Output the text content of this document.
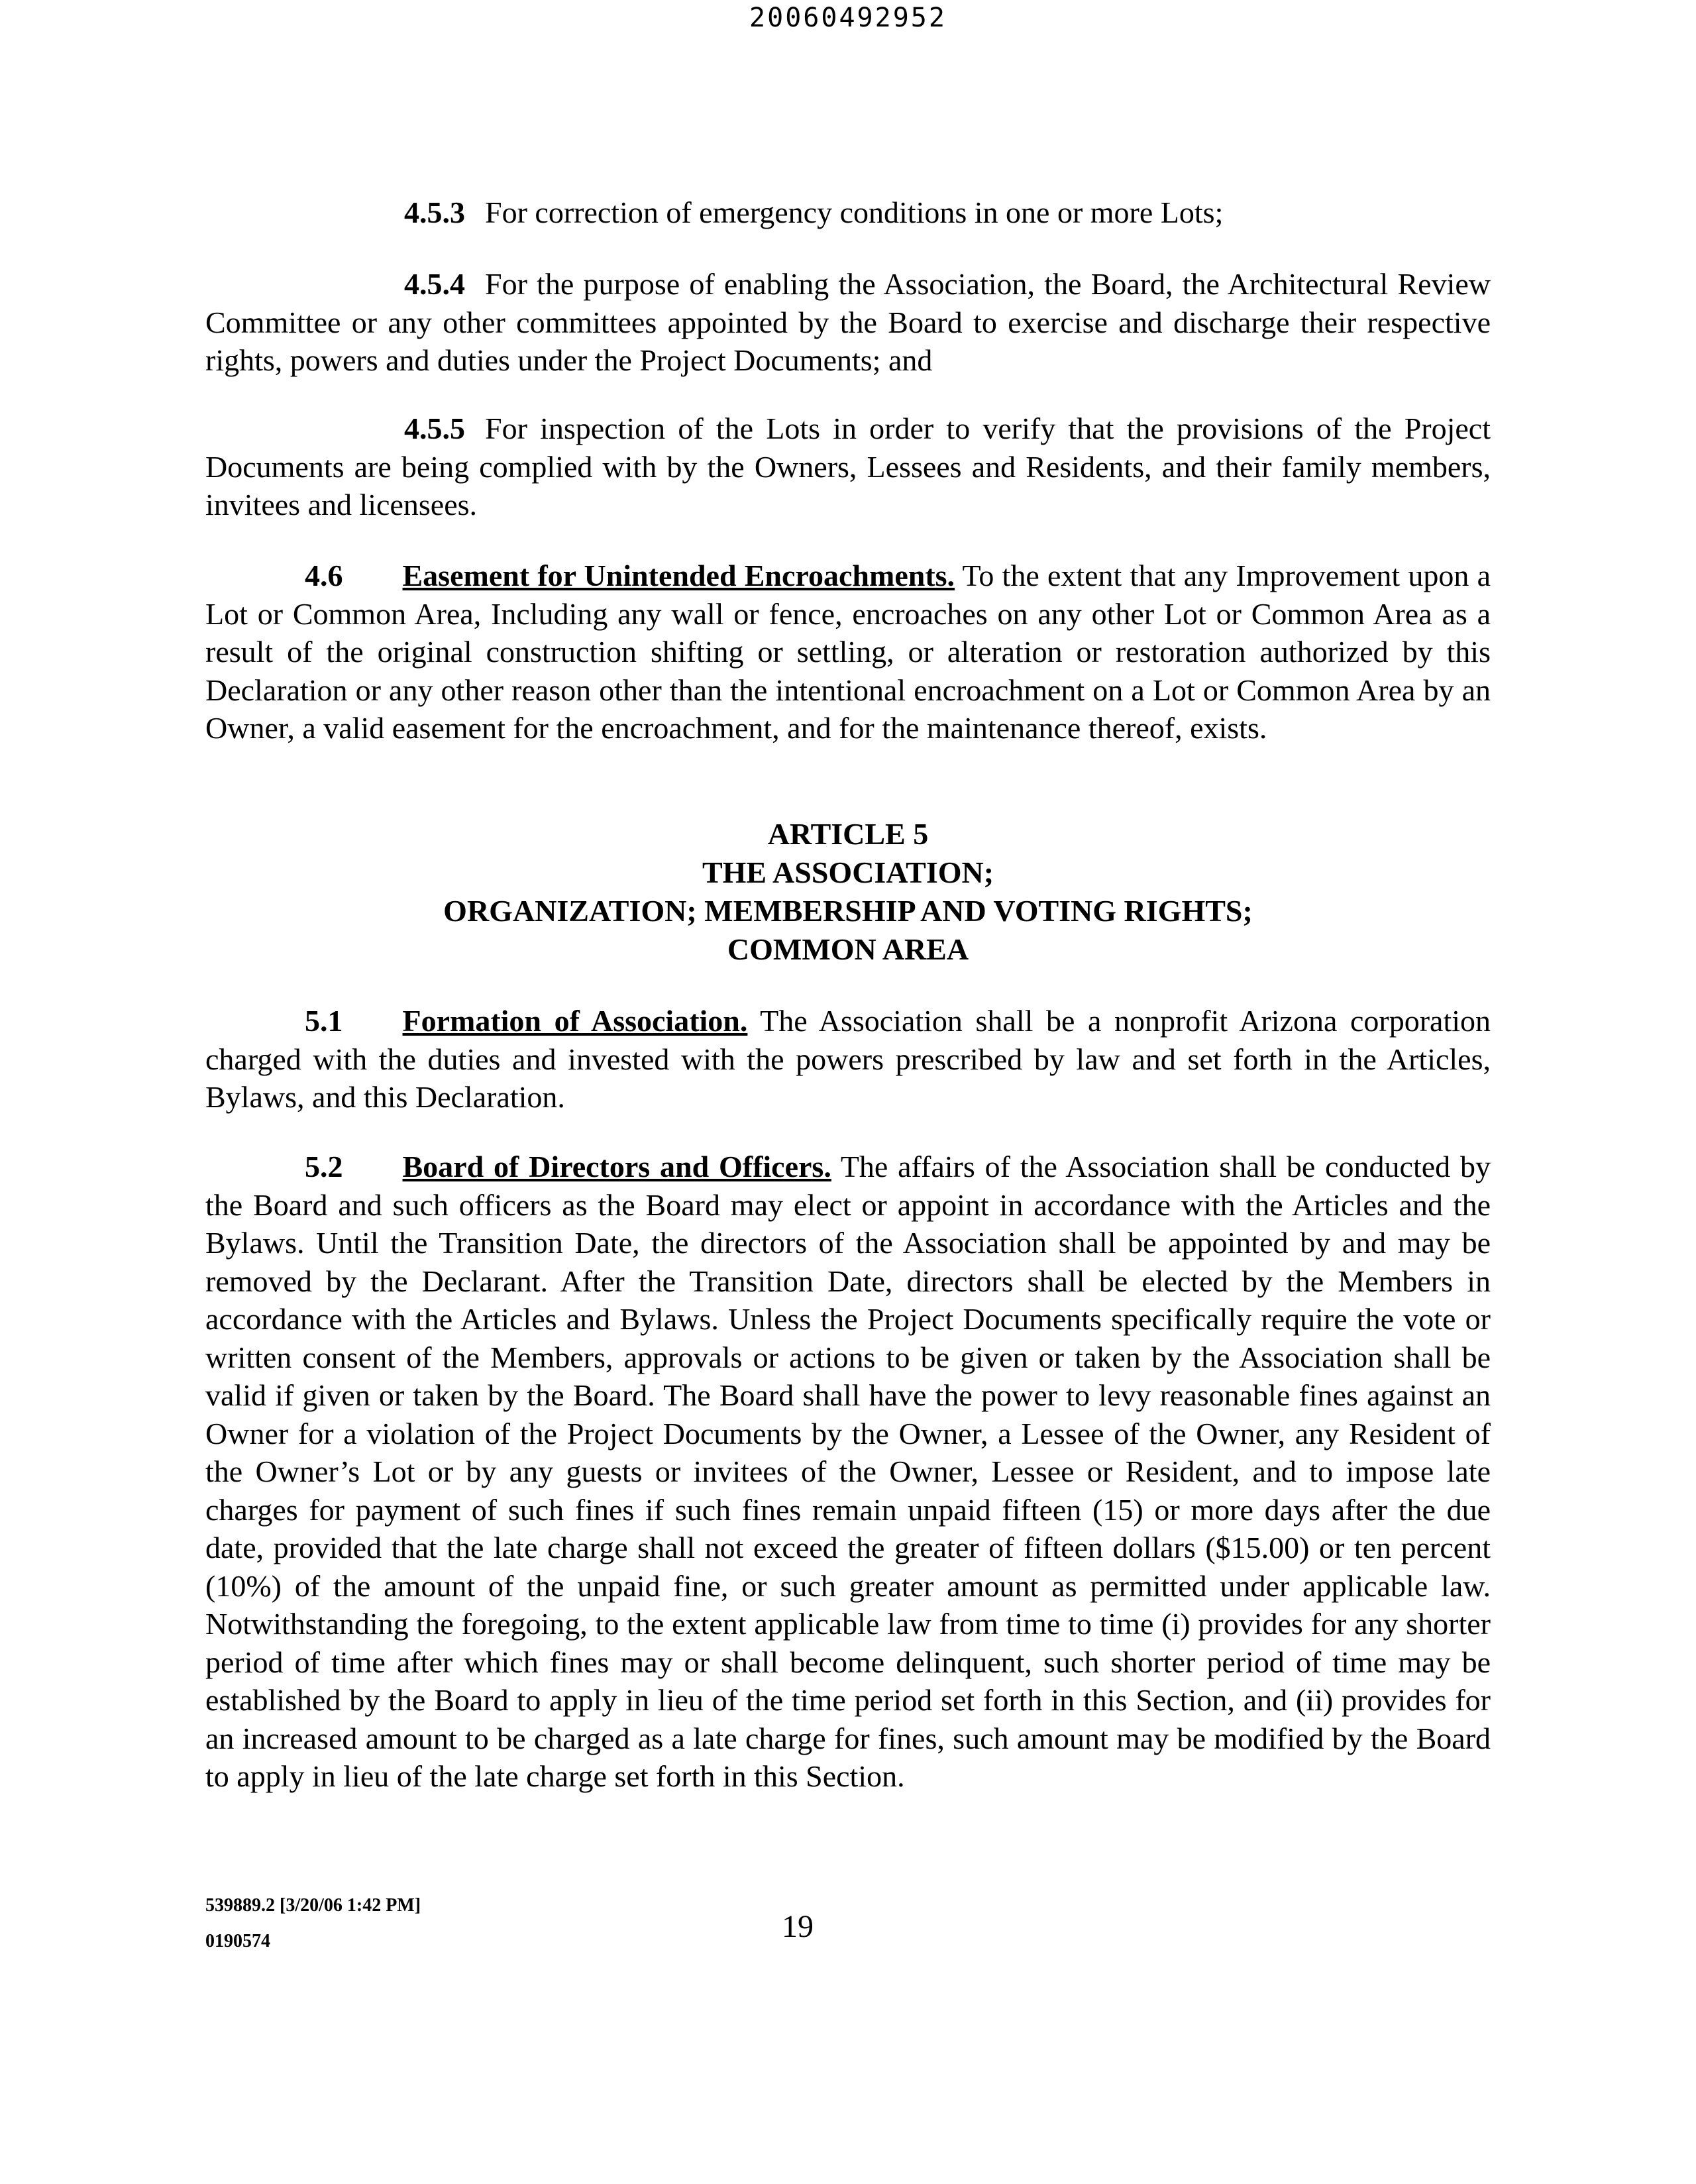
20060492952

4.5.3 For correction of emergency conditions in one or more Lots;

4.5.4 For the purpose of enabling the Association, the Board, the Architectural Review Committee or any other committees appointed by the Board to exercise and discharge their respective rights, powers and duties under the Project Documents; and

4.5.5 For inspection of the Lots in order to verify that the provisions of the Project Documents are being complied with by the Owners, Lessees and Residents, and their family members, invitees and licensees.

4.6 Easement for Unintended Encroachments. To the extent that any Improvement upon a Lot or Common Area, Including any wall or fence, encroaches on any other Lot or Common Area as a result of the original construction shifting or settling, or alteration or restoration authorized by this Declaration or any other reason other than the intentional encroachment on a Lot or Common Area by an Owner, a valid easement for the encroachment, and for the maintenance thereof, exists.

ARTICLE 5
THE ASSOCIATION;
ORGANIZATION; MEMBERSHIP AND VOTING RIGHTS;
COMMON AREA

5.1 Formation of Association. The Association shall be a nonprofit Arizona corporation charged with the duties and invested with the powers prescribed by law and set forth in the Articles, Bylaws, and this Declaration.

5.2 Board of Directors and Officers. The affairs of the Association shall be conducted by the Board and such officers as the Board may elect or appoint in accordance with the Articles and the Bylaws. Until the Transition Date, the directors of the Association shall be appointed by and may be removed by the Declarant. After the Transition Date, directors shall be elected by the Members in accordance with the Articles and Bylaws. Unless the Project Documents specifically require the vote or written consent of the Members, approvals or actions to be given or taken by the Association shall be valid if given or taken by the Board. The Board shall have the power to levy reasonable fines against an Owner for a violation of the Project Documents by the Owner, a Lessee of the Owner, any Resident of the Owner’s Lot or by any guests or invitees of the Owner, Lessee or Resident, and to impose late charges for payment of such fines if such fines remain unpaid fifteen (15) or more days after the due date, provided that the late charge shall not exceed the greater of fifteen dollars ($15.00) or ten percent (10%) of the amount of the unpaid fine, or such greater amount as permitted under applicable law. Notwithstanding the foregoing, to the extent applicable law from time to time (i) provides for any shorter period of time after which fines may or shall become delinquent, such shorter period of time may be established by the Board to apply in lieu of the time period set forth in this Section, and (ii) provides for an increased amount to be charged as a late charge for fines, such amount may be modified by the Board to apply in lieu of the late charge set forth in this Section.

539889.2 [3/20/06 1:42 PM]
0190574	19
